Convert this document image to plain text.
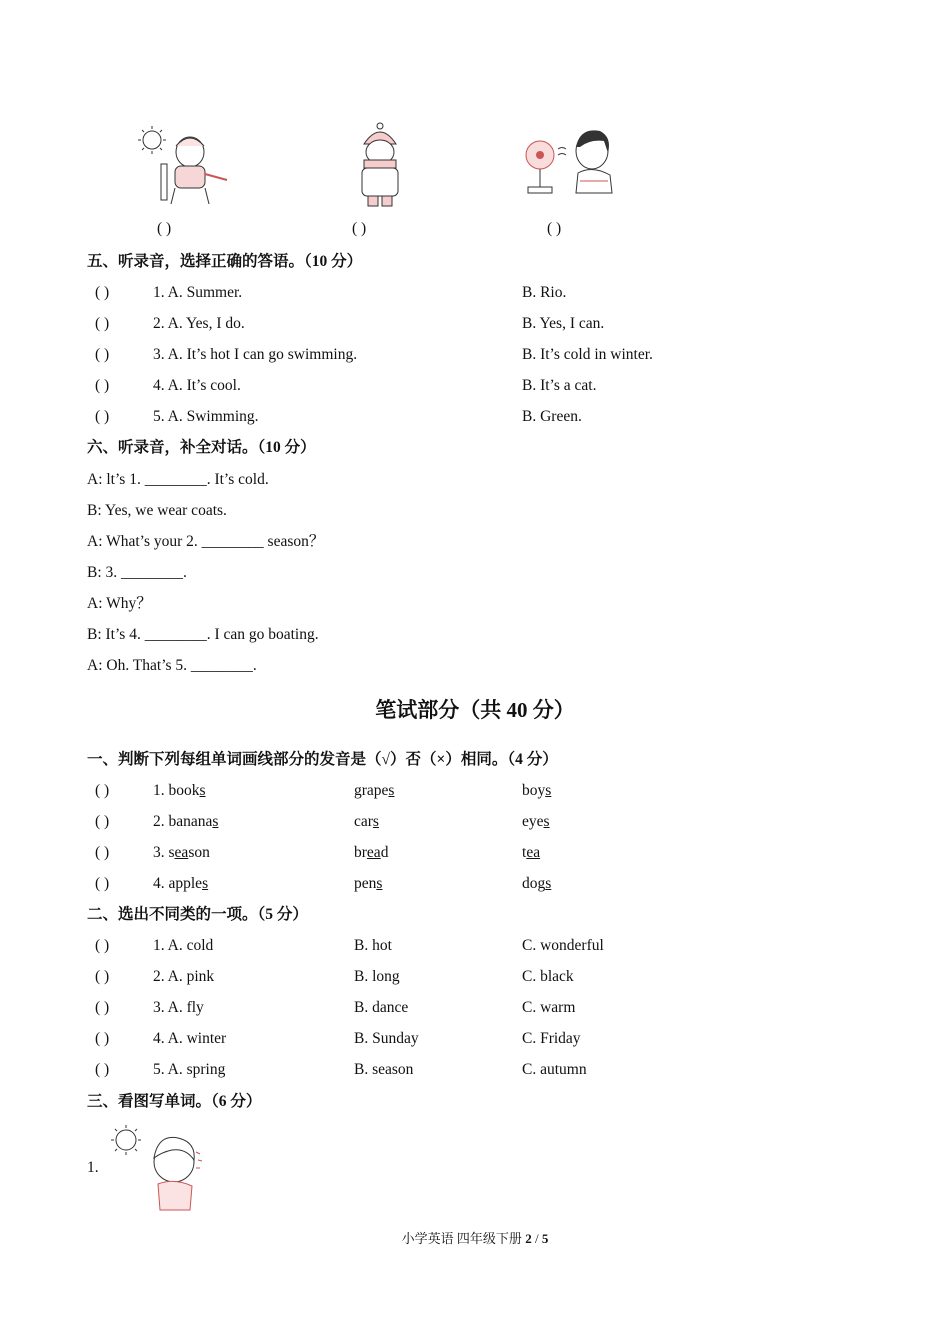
( )	( )	( )
五、听录音，选择正确的答语。（10 分）
( )	1. A. Summer.	B. Rio.
( )	2. A. Yes, I do.	B. Yes, I can.
( )	3. A. It’s hot I can go swimming.	B. It’s cold in winter.
( )	4. A. It’s cool.	B. It’s a cat.
( )	5. A. Swimming.	B. Green.
六、听录音，补全对话。（10 分）
A: lt’s 1. ________. It’s cold.
B: Yes, we wear coats.
A: What’s your 2. ________ season？
B: 3. ________.
A: Why？
B: It’s 4. ________. I can go boating.
A: Oh. That’s 5. ________.
笔试部分（共 40 分）
一、判断下列每组单词画线部分的发音是（√）否（×）相同。（4 分）
( )	1. books	grapes	boys
( )	2. bananas	cars	eyes
( )	3. season	bread	tea
( )	4. apples	pens	dogs
二、选出不同类的一项。（5 分）
( )	1. A. cold	B. hot	C. wonderful
( )	2. A. pink	B. long	C. black
( )	3. A. fly	B. dance	C. warm
( )	4. A. winter	B. Sunday	C. Friday
( )	5. A. spring	B. season	C. autumn
三、看图写单词。（6 分）
1.
小学英语 四年级下册 2 / 5
